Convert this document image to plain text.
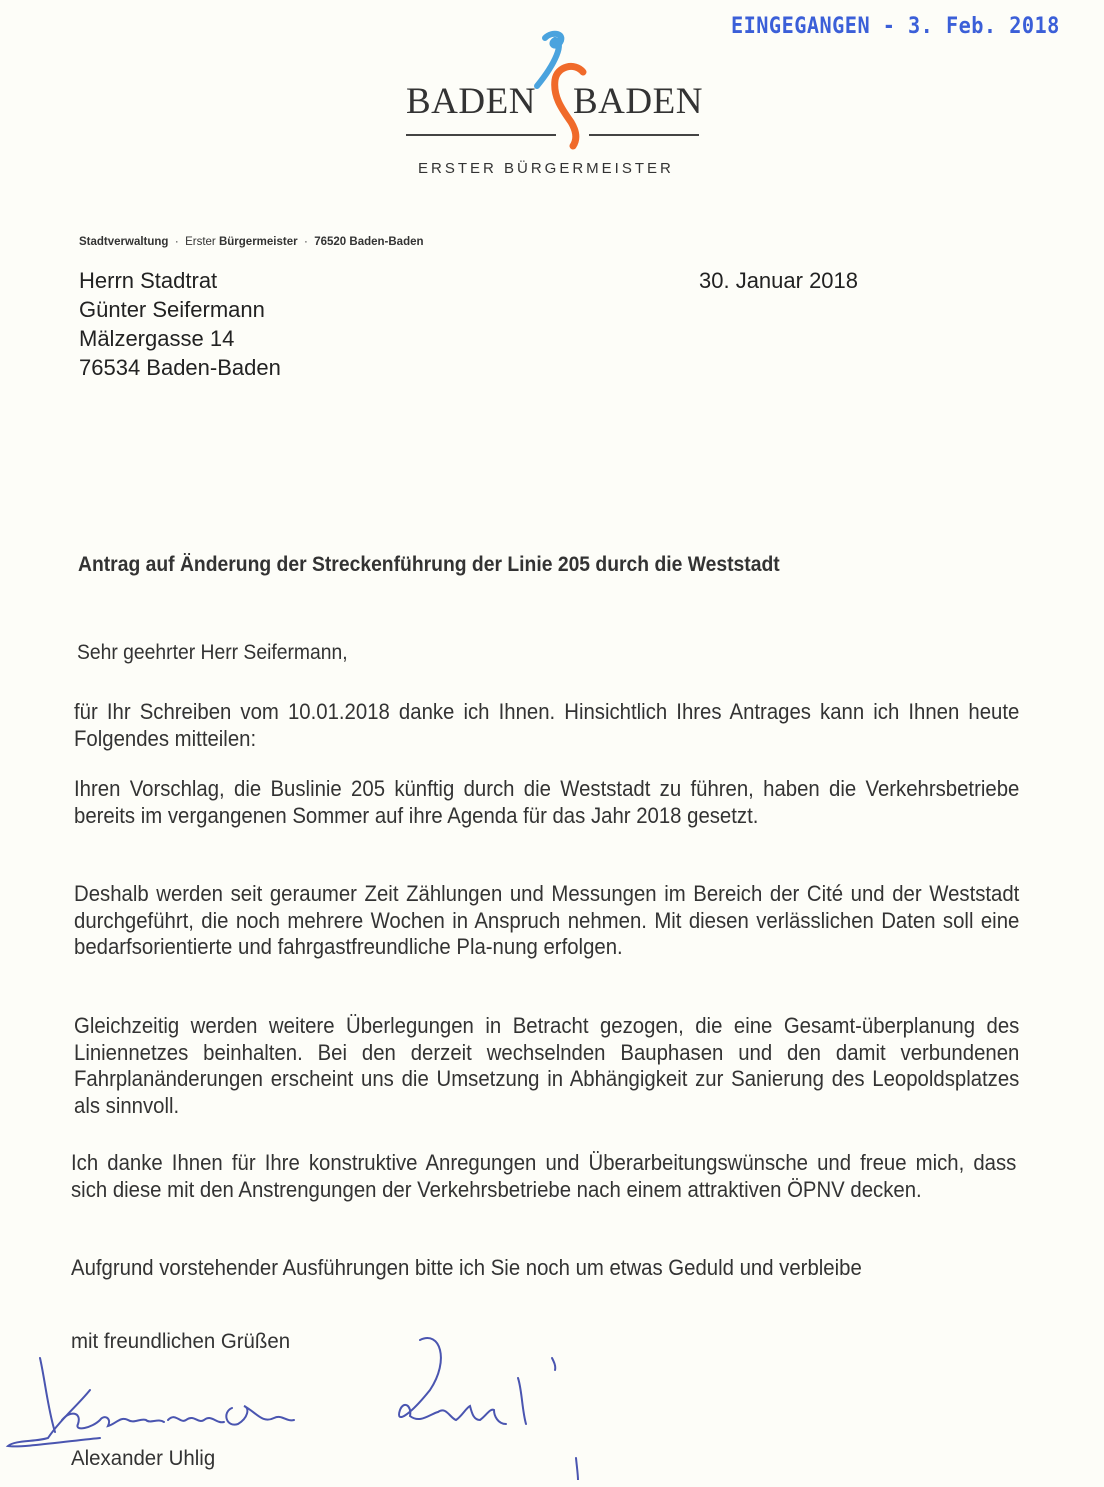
EINGEGANGEN - 3. Feb. 2018
BADEN BADEN
ERSTER BÜRGERMEISTER
Stadtverwaltung · Erster Bürgermeister · 76520 Baden-Baden
Herrn Stadtrat
Günter Seifermann
Mälzergasse 14
76534 Baden-Baden
30. Januar 2018
Antrag auf Änderung der Streckenführung der Linie 205 durch die Weststadt
Sehr geehrter Herr Seifermann,
für Ihr Schreiben vom 10.01.2018 danke ich Ihnen. Hinsichtlich Ihres Antrages kann ich Ihnen heute Folgendes mitteilen:
Ihren Vorschlag, die Buslinie 205 künftig durch die Weststadt zu führen, haben die Verkehrsbetriebe bereits im vergangenen Sommer auf ihre Agenda für das Jahr 2018 gesetzt.
Deshalb werden seit geraumer Zeit Zählungen und Messungen im Bereich der Cité und der Weststadt durchgeführt, die noch mehrere Wochen in Anspruch nehmen. Mit diesen verlässlichen Daten soll eine bedarfsorientierte und fahrgastfreundliche Pla-nung erfolgen.
Gleichzeitig werden weitere Überlegungen in Betracht gezogen, die eine Gesamt-überplanung des Liniennetzes beinhalten. Bei den derzeit wechselnden Bauphasen und den damit verbundenen Fahrplanänderungen erscheint uns die Umsetzung in Abhängigkeit zur Sanierung des Leopoldsplatzes als sinnvoll.
Ich danke Ihnen für Ihre konstruktive Anregungen und Überarbeitungswünsche und freue mich, dass sich diese mit den Anstrengungen der Verkehrsbetriebe nach einem attraktiven ÖPNV decken.
Aufgrund vorstehender Ausführungen bitte ich Sie noch um etwas Geduld und verbleibe
mit freundlichen Grüßen
Alexander Uhlig
